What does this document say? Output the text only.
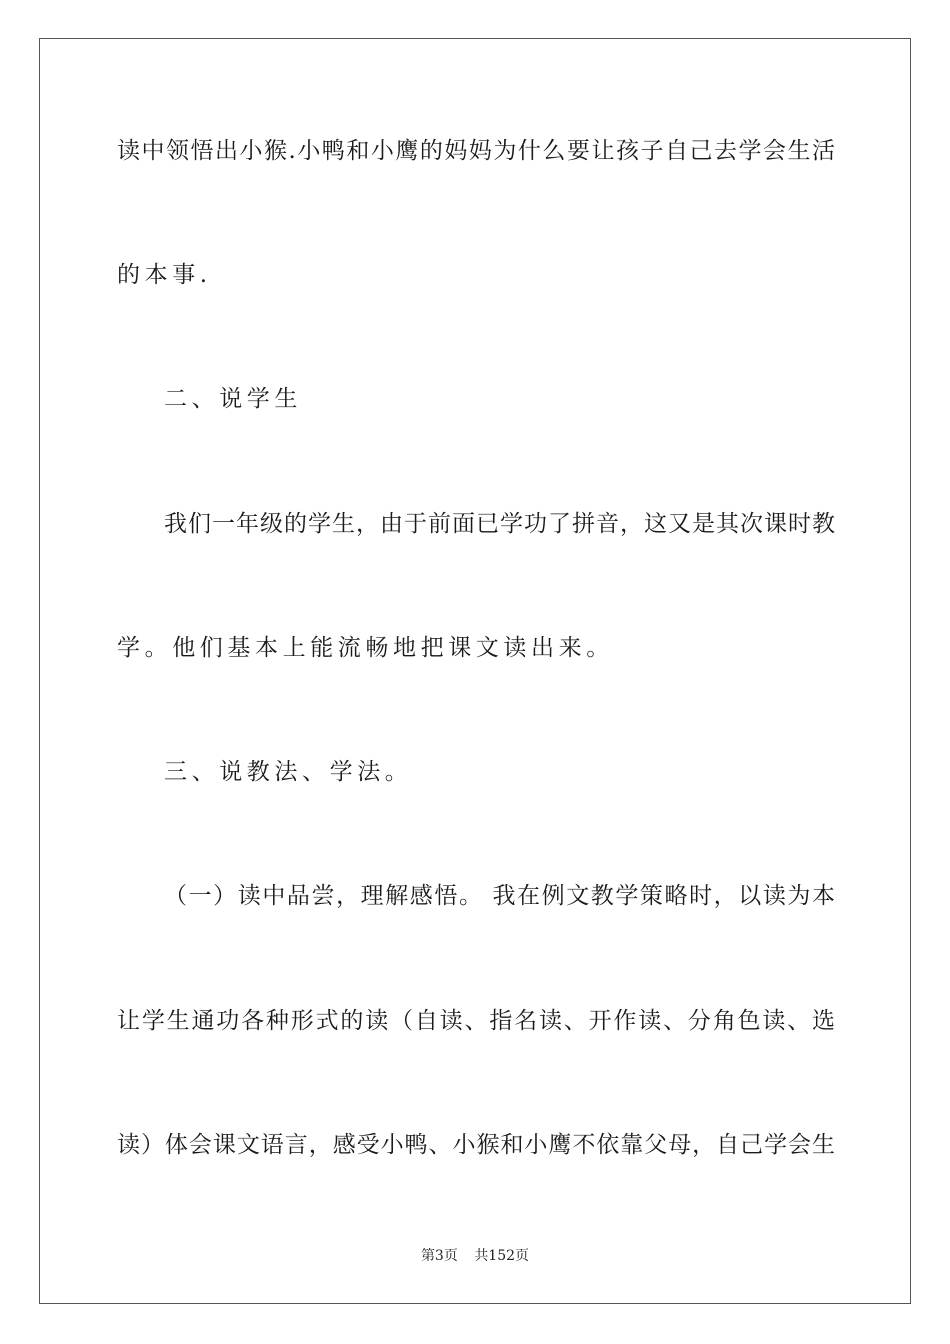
读中领悟出小猴.小鸭和小鹰的妈妈为什么要让孩子自己去学会生活
的本事.
二、说学生
我们一年级的学生，由于前面已学功了拼音，这又是其次课时教
学。他们基本上能流畅地把课文读出来。
三、说教法、学法。
（一）读中品尝，理解感悟。 我在例文教学策略时，以读为本
让学生通功各种形式的读（自读、指名读、开作读、分角色读、选
读）体会课文语言，感受小鸭、小猴和小鹰不依靠父母，自己学会生
第3页 共152页
